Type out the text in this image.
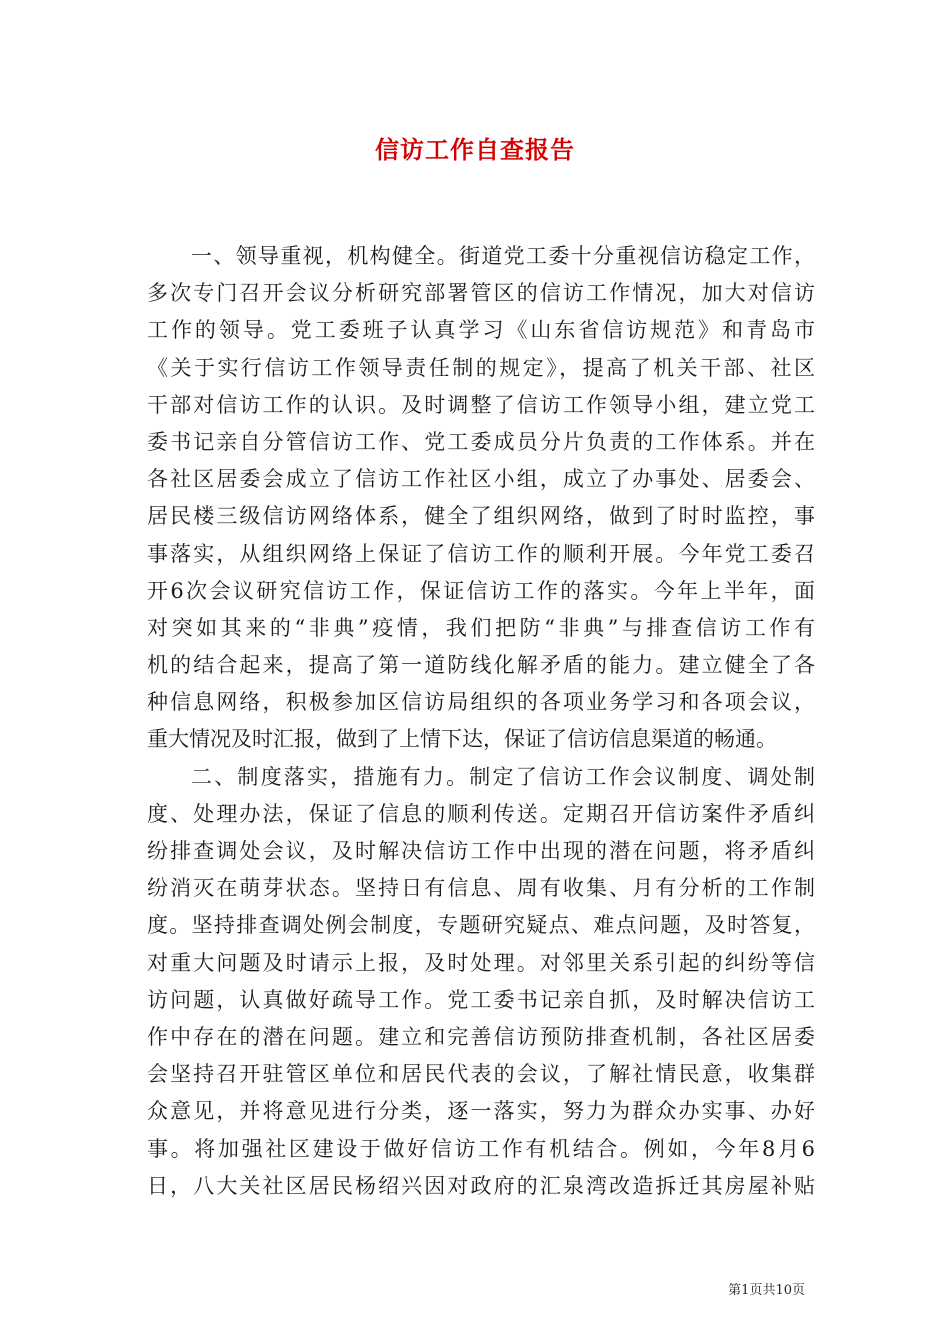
信访工作自查报告
一、领导重视，机构健全。街道党工委十分重视信访稳定工作，
多次专门召开会议分析研究部署管区的信访工作情况，加大对信访
工作的领导。党工委班子认真学习《山东省信访规范》和青岛市
《关于实行信访工作领导责任制的规定》，提高了机关干部、社区
干部对信访工作的认识。及时调整了信访工作领导小组，建立党工
委书记亲自分管信访工作、党工委成员分片负责的工作体系。并在
各社区居委会成立了信访工作社区小组，成立了办事处、居委会、
居民楼三级信访网络体系，健全了组织网络，做到了时时监控，事
事落实，从组织网络上保证了信访工作的顺利开展。今年党工委召
开6次会议研究信访工作，保证信访工作的落实。今年上半年，面
对突如其来的“非典”疫情，我们把防“非典”与排查信访工作有
机的结合起来，提高了第一道防线化解矛盾的能力。建立健全了各
种信息网络，积极参加区信访局组织的各项业务学习和各项会议，
重大情况及时汇报，做到了上情下达，保证了信访信息渠道的畅通。
二、制度落实，措施有力。制定了信访工作会议制度、调处制
度、处理办法，保证了信息的顺利传送。定期召开信访案件矛盾纠
纷排查调处会议，及时解决信访工作中出现的潜在问题，将矛盾纠
纷消灭在萌芽状态。坚持日有信息、周有收集、月有分析的工作制
度。坚持排查调处例会制度，专题研究疑点、难点问题，及时答复，
对重大问题及时请示上报，及时处理。对邻里关系引起的纠纷等信
访问题，认真做好疏导工作。党工委书记亲自抓，及时解决信访工
作中存在的潜在问题。建立和完善信访预防排查机制，各社区居委
会坚持召开驻管区单位和居民代表的会议，了解社情民意，收集群
众意见，并将意见进行分类，逐一落实，努力为群众办实事、办好
事。将加强社区建设于做好信访工作有机结合。例如，今年8月6
日，八大关社区居民杨绍兴因对政府的汇泉湾改造拆迁其房屋补贴
第1页共10页
